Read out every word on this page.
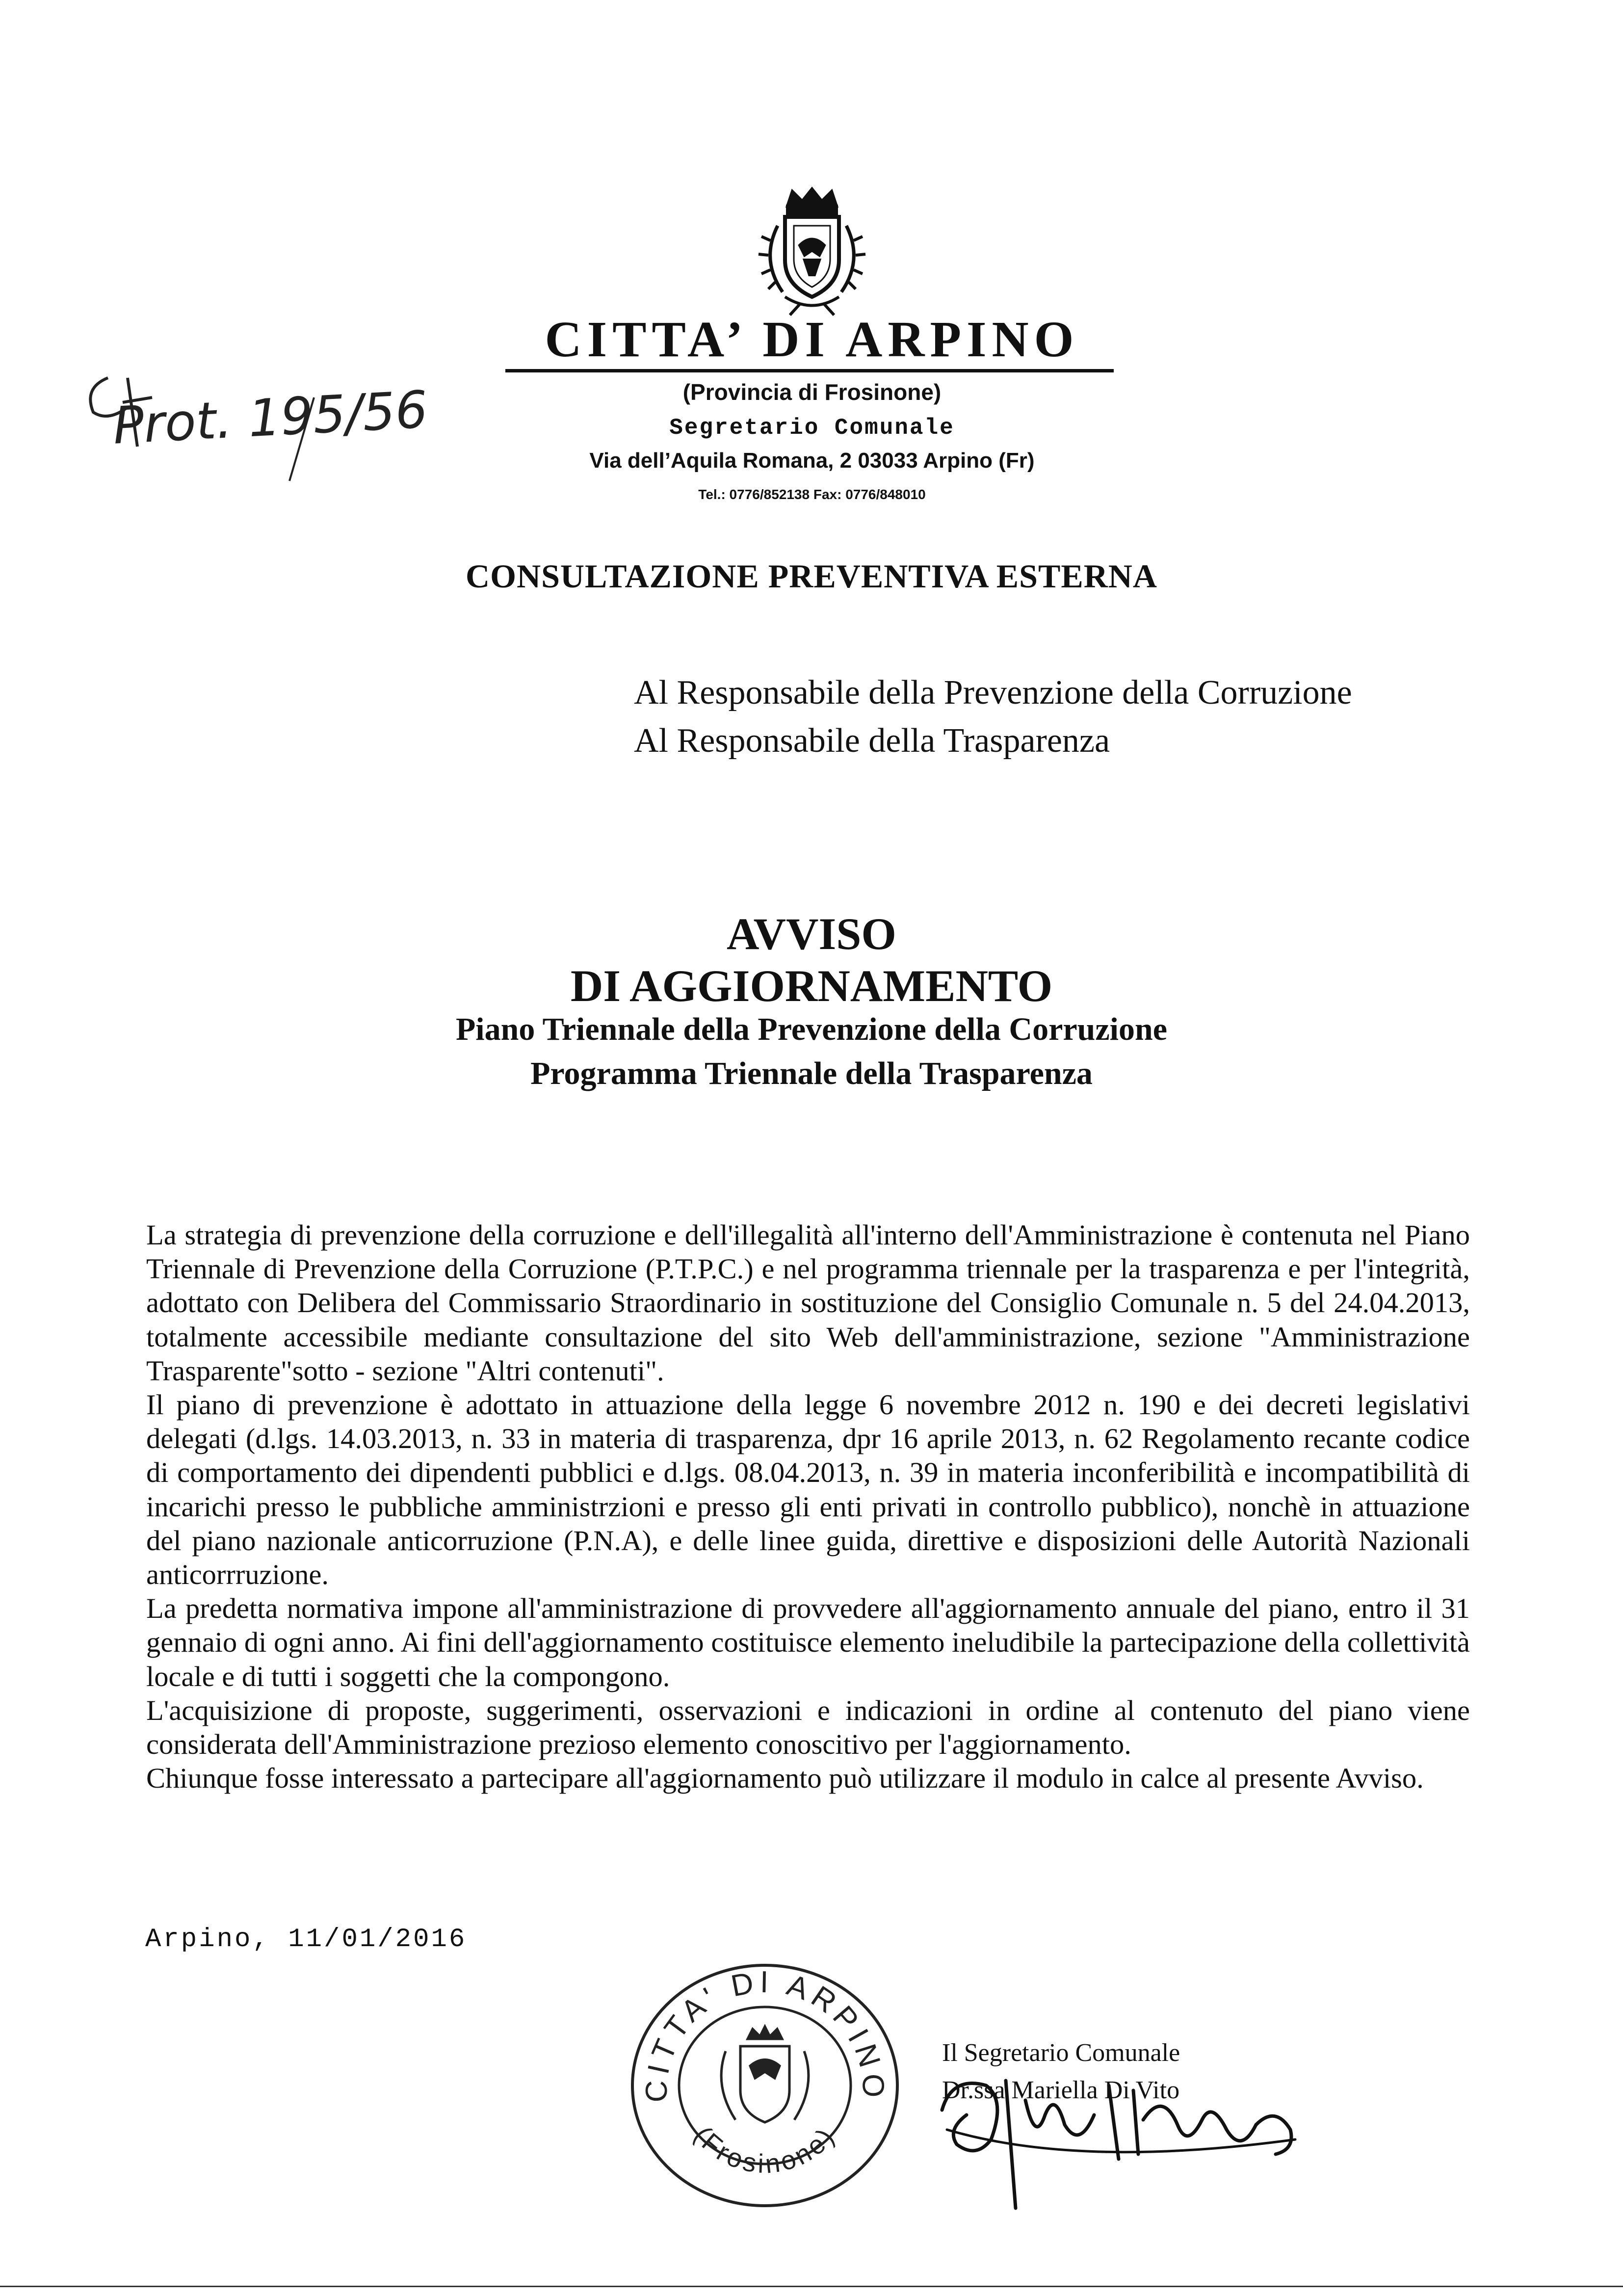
CITTA’ DI ARPINO
(Provincia di Frosinone)
Segretario Comunale
Via dell’Aquila Romana, 2 03033 Arpino (Fr)
Tel.: 0776/852138 Fax: 0776/848010
Prot. 195/56
CONSULTAZIONE PREVENTIVA ESTERNA
Al Responsabile della Prevenzione della Corruzione
Al Responsabile della Trasparenza
AVVISO
DI AGGIORNAMENTO
Piano Triennale della Prevenzione della Corruzione
Programma Triennale della Trasparenza

La strategia di prevenzione della corruzione e dell'illegalità all'interno dell'Amministrazione è contenuta nel Piano Triennale di Prevenzione della Corruzione (P.T.P.C.) e nel programma triennale per la trasparenza e per l'integrità, adottato con Delibera del Commissario Straordinario in sostituzione del Consiglio Comunale n. 5 del 24.04.2013, totalmente accessibile mediante consultazione del sito Web dell'amministrazione, sezione "Amministrazione Trasparente"sotto - sezione "Altri contenuti".

Il piano di prevenzione è adottato in attuazione della legge 6 novembre 2012 n. 190 e dei decreti legislativi delegati (d.lgs. 14.03.2013, n. 33 in materia di trasparenza, dpr 16 aprile 2013, n. 62 Regolamento recante codice di comportamento dei dipendenti pubblici e d.lgs. 08.04.2013, n. 39 in materia inconferibilità e incompatibilità di incarichi presso le pubbliche amministrzioni e presso gli enti privati in controllo pubblico), nonchè in attuazione del piano nazionale anticorruzione (P.N.A), e delle linee guida, direttive e disposizioni delle Autorità Nazionali anticorrruzione.

La predetta normativa impone all'amministrazione di provvedere all'aggiornamento annuale del piano, entro il 31 gennaio di ogni anno. Ai fini dell'aggiornamento costituisce elemento ineludibile la partecipazione della collettività locale e di tutti i soggetti che la compongono.

L'acquisizione di proposte, suggerimenti, osservazioni e indicazioni in ordine al contenuto del piano viene considerata dell'Amministrazione prezioso elemento conoscitivo per l'aggiornamento.

Chiunque fosse interessato a partecipare all'aggiornamento può utilizzare il modulo in calce al presente Avviso.

Arpino, 11/01/2016
CITTA' DI ARPINO
(Frosinone)
Il Segretario Comunale
Dr.ssa Mariella Di Vito
